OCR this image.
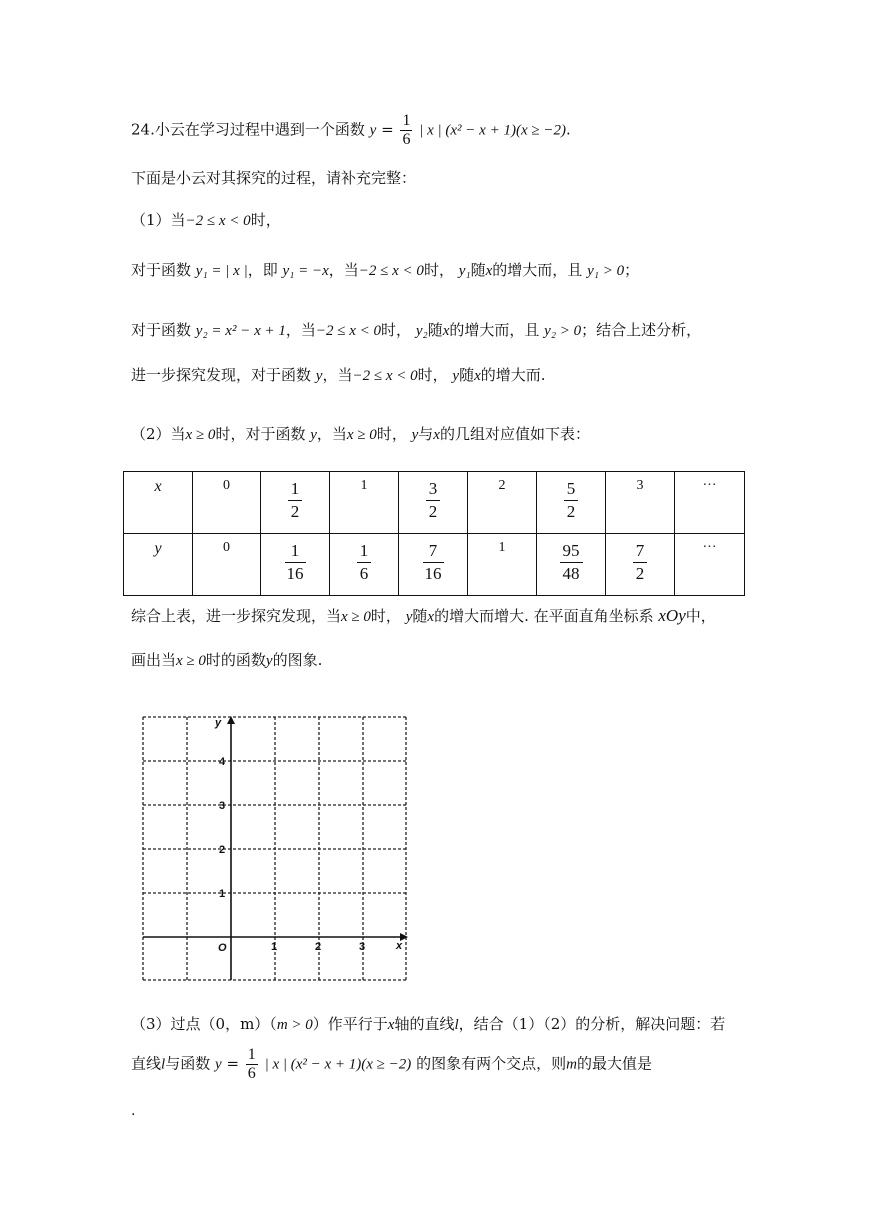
24.小云在学习过程中遇到一个函数 $y = \frac{1}{6}$ | x | (x² − x + 1)(x ≥ −2).
下面是小云对其探究的过程，请补充完整：
（1）当−2 ≤ x < 0时，
对于函数 y₁ = | x |，即 y₁ = −x，当−2 ≤ x < 0时， y₁随x的增大而，且 y₁ > 0；
对于函数 y₂ = x² − x + 1，当−2 ≤ x < 0时， y₂随x的增大而，且 y₂ > 0；结合上述分析，
进一步探究发现，对于函数 y，当−2 ≤ x < 0时， y随x的增大而.
（2）当x ≥ 0时，对于函数 y，当x ≥ 0时， y与x的几组对应值如下表：
x	0	$\frac{1}{2}$	1	$\frac{3}{2}$	2	$\frac{5}{2}$	3	···
y	0	$\frac{1}{16}$	$\frac{1}{6}$	$\frac{7}{16}$	1	$\frac{95}{48}$	$\frac{7}{2}$	···
综合上表，进一步探究发现，当x ≥ 0时， y随x的增大而增大. 在平面直角坐标系 xOy中，
画出当x ≥ 0时的函数y的图象.
y
x
O	1	2	3
1
2
3
4
（3）过点（0，m）（m > 0）作平行于x轴的直线l，结合（1）（2）的分析，解决问题：若
直线l与函数 $y = \frac{1}{6}$ | x | (x² − x + 1)(x ≥ −2) 的图象有两个交点，则m的最大值是
.
